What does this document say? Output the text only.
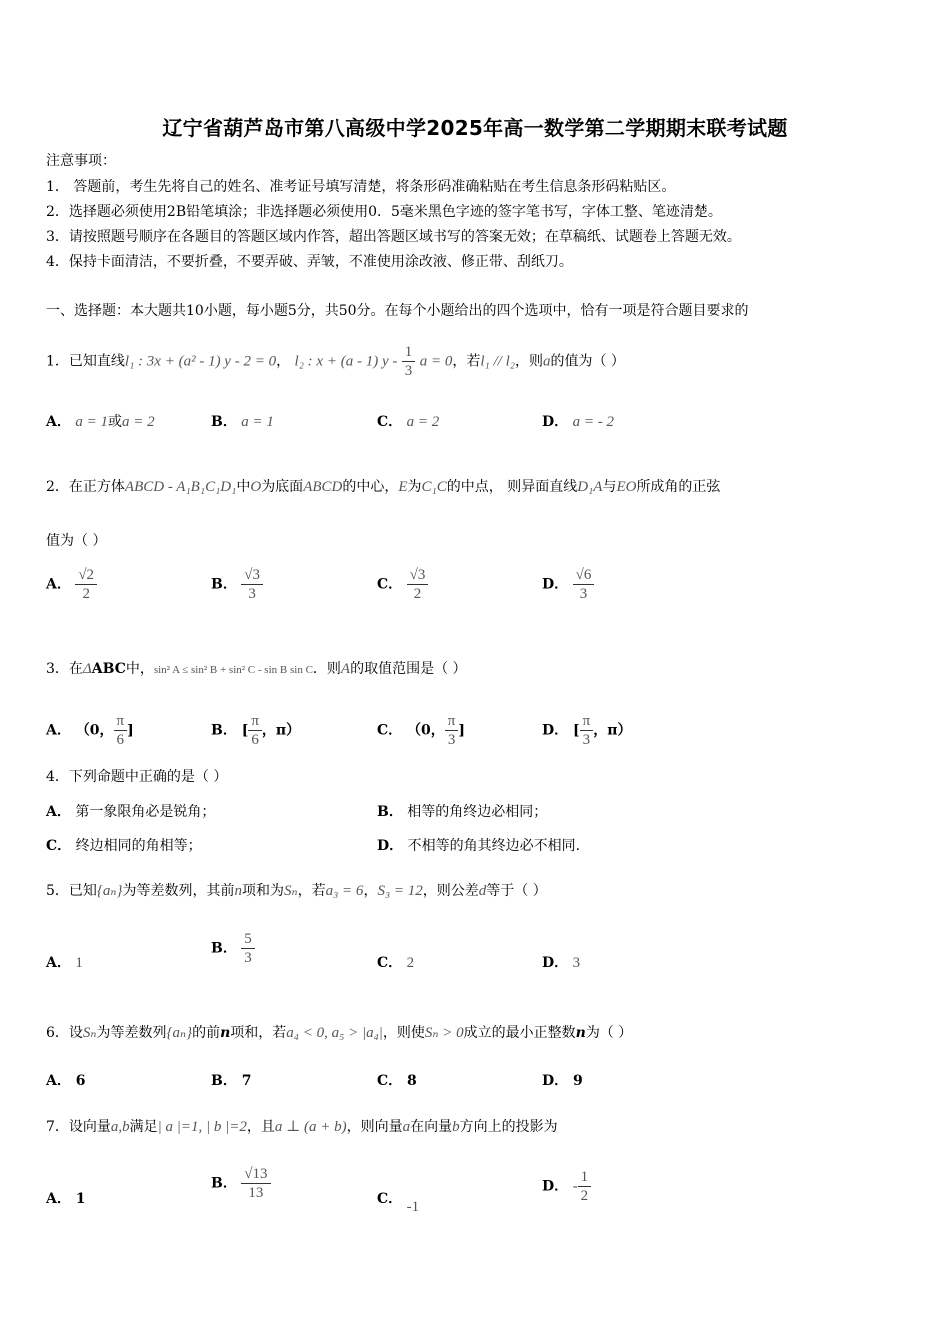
辽宁省葫芦岛市第八高级中学2025年高一数学第二学期期末联考试题
注意事项：
1． 答题前，考生先将自己的姓名、准考证号填写清楚，将条形码准确粘贴在考生信息条形码粘贴区。
2．选择题必须使用2B铅笔填涂；非选择题必须使用0．5毫米黑色字迹的签字笔书写，字体工整、笔迹清楚。
3．请按照题号顺序在各题目的答题区域内作答，超出答题区域书写的答案无效；在草稿纸、试题卷上答题无效。
4．保持卡面清洁，不要折叠，不要弄破、弄皱，不准使用涂改液、修正带、刮纸刀。
一、选择题：本大题共10小题，每小题5分，共50分。在每个小题给出的四个选项中，恰有一项是符合题目要求的
1．已知直线l₁ : 3x + (a² - 1) y - 2 = 0， l₂ : x + (a - 1) y - $\frac{1}{3}$ a = 0，若l₁ // l₂，则a的值为（ ）
A． a = 1或a = 2	B． a = 1	C． a = 2	D． a = - 2
2．在正方体ABCD - A₁B₁C₁D₁中O为底面ABCD的中心，E为C₁C的中点， 则异面直线D₁A与EO所成角的正弦
值为（ ）
A． $\frac{√2}{2}$	B． $\frac{√3}{3}$	C． $\frac{√3}{2}$	D． $\frac{√6}{3}$
3．在ΔABC中，sin² A ≤ sin² B + sin² C - sin B sin C．则A的取值范围是（ ）
A． （0， $\frac{\pi}{6}$ ]	B． [ $\frac{\pi}{6}$ ，π）	C． （0， $\frac{\pi}{3}$ ]	D． [ $\frac{\pi}{3}$ ，π）
4．下列命题中正确的是（ ）
A． 第一象限角必是锐角；	B． 相等的角终边必相同；
C． 终边相同的角相等；	D． 不相等的角其终边必不相同.
5．已知{aₙ}为等差数列，其前n项和为Sₙ，若a₃ = 6，S₃ = 12，则公差d等于（ ）
A． 1
B． $\frac{5}{3}$	C． 2	D． 3
6．设Sₙ为等差数列{aₙ}的前n项和，若a₄ < 0, a₅ > |a₄|，则使Sₙ > 0成立的最小正整数n为（ ）
A． 6	B． 7	C． 8	D． 9
7．设向量a,b满足| a |=1, | b |=2，且a ⊥ (a + b)，则向量a在向量b方向上的投影为
A． 1
B． $\frac{√13}{13}$	C． -1
D． - $\frac{1}{2}$
